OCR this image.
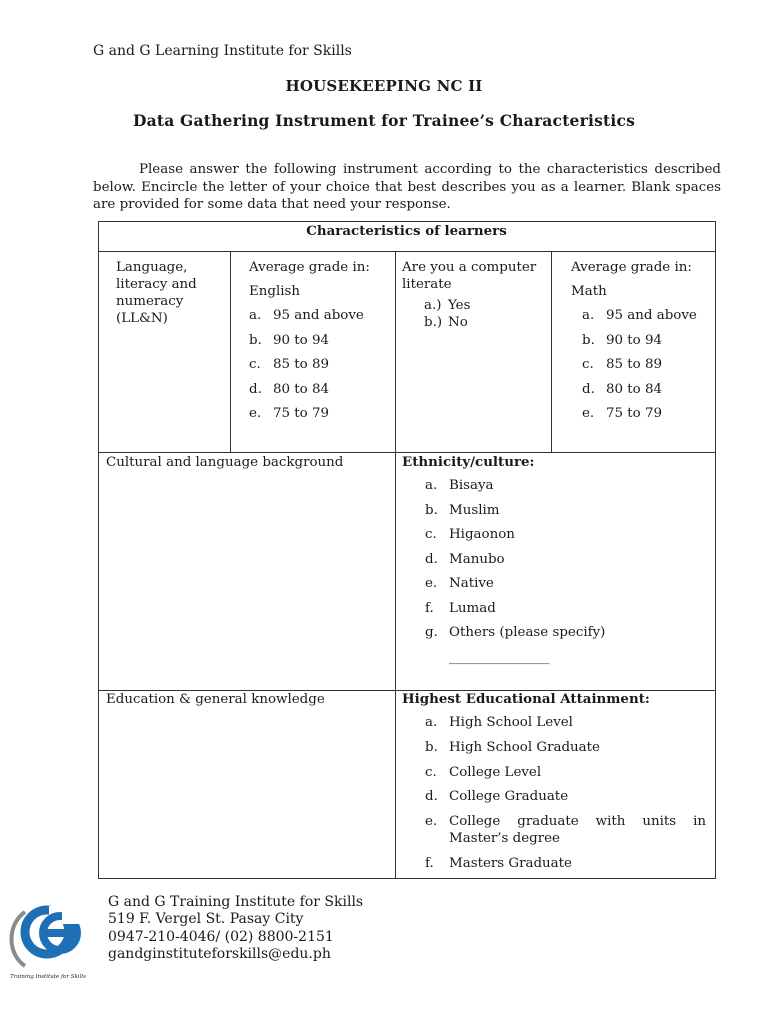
G and G Learning Institute for Skills
HOUSEKEEPING NC II
Data Gathering Instrument for Trainee’s Characteristics
Please answer the following instrument according to the characteristics described below. Encircle the letter of your choice that best describes you as a learner. Blank spaces are provided for some data that need your response.
Characteristics of learners
Language, literacy and numeracy (LL&N)
Average grade in:
English
a. 95 and above
b. 90 to 94
c. 85 to 89
d. 80 to 84
e. 75 to 79
Are you a computer literate
a.) Yes
b.) No
Average grade in:
Math
a. 95 and above
b. 90 to 94
c. 85 to 89
d. 80 to 84
e. 75 to 79
Cultural and language background	Ethnicity/culture:
a. Bisaya
b. Muslim
c. Higaonon
d. Manubo
e. Native
f. Lumad
g. Others (please specify)
_______________
Education & general knowledge	Highest Educational Attainment:
a. High School Level
b. High School Graduate
c. College Level
d. College Graduate
e. College graduate with units in Master’s degree
f. Masters Graduate
Training Institute for Skills
G and G Training Institute for Skills
519 F. Vergel St. Pasay City
0947-210-4046/ (02) 8800-2151
gandginstituteforskills@edu.ph
